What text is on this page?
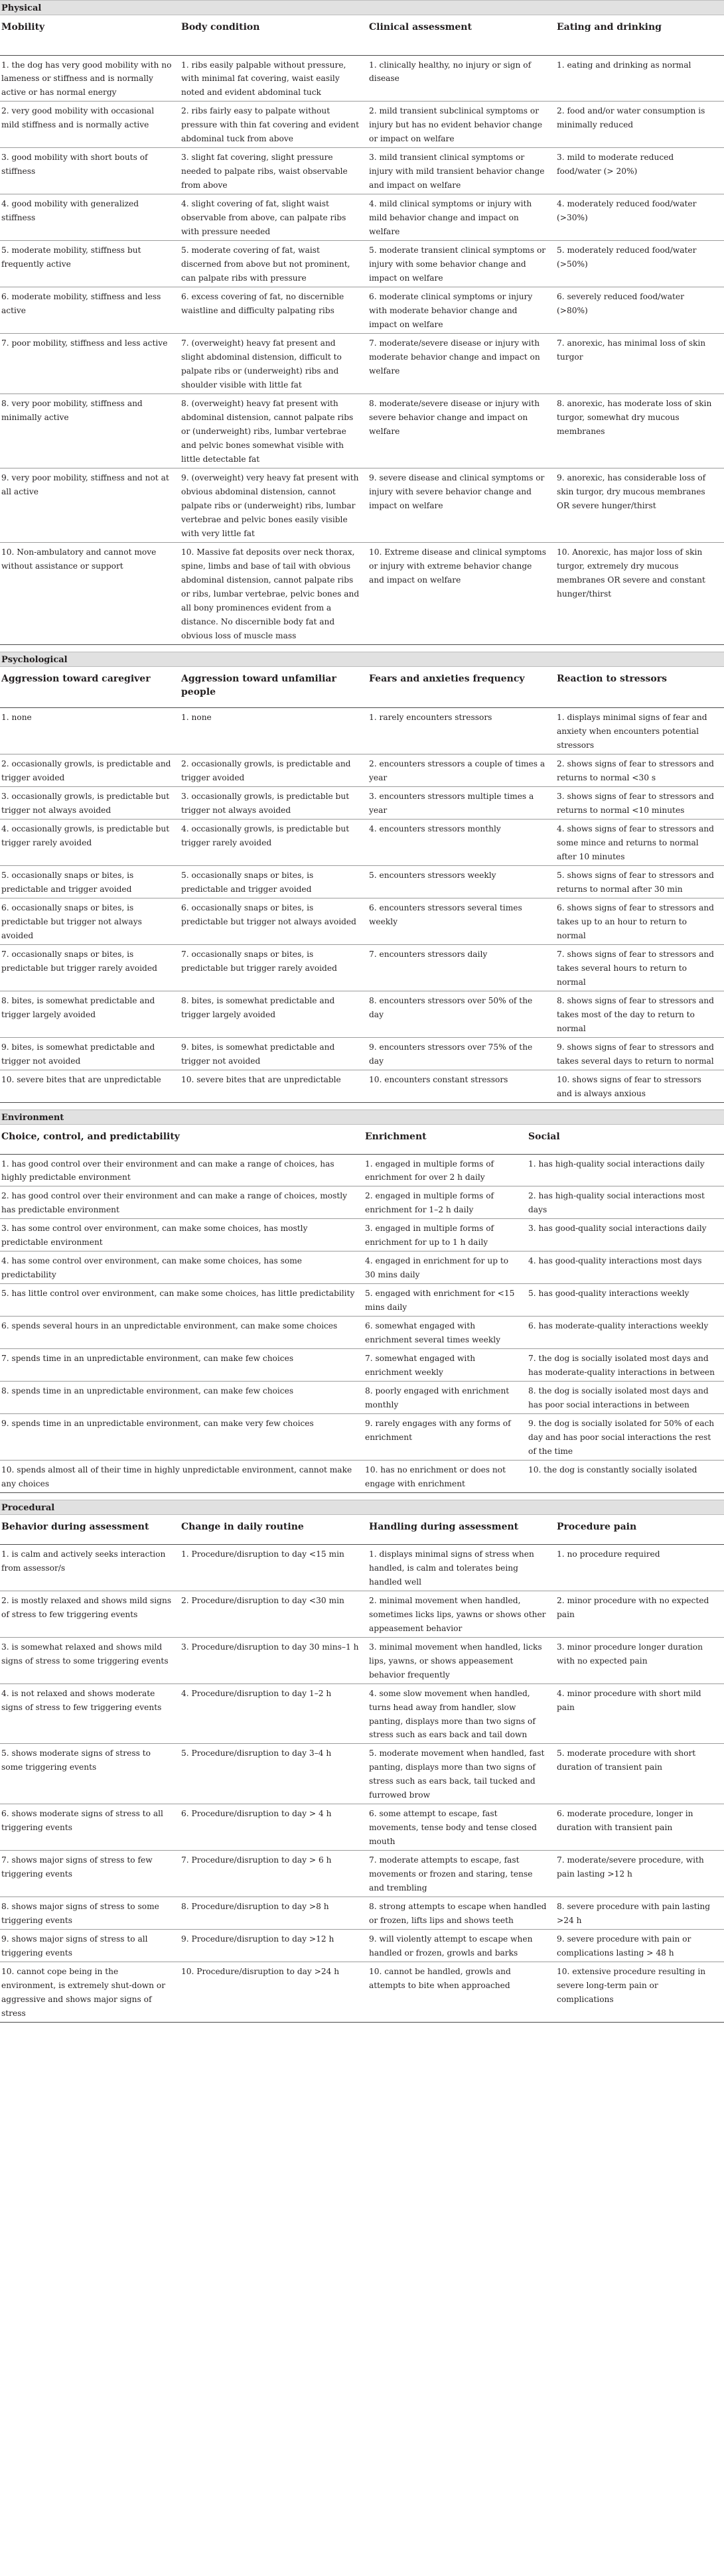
Physical
Mobility	Body condition	Clinical assessment	Eating and drinking
1. the dog has very good mobility with no lameness or stiffness and is normally active or has normal energy	1. ribs easily palpable without pressure, with minimal fat covering, waist easily noted and evident abdominal tuck	1. clinically healthy, no injury or sign of disease	1. eating and drinking as normal
2. very good mobility with occasional mild stiffness and is normally active	2. ribs fairly easy to palpate without pressure with thin fat covering and evident abdominal tuck from above	2. mild transient subclinical symptoms or injury but has no evident behavior change or impact on welfare	2. food and/or water consumption is minimally reduced
3. good mobility with short bouts of stiffness	3. slight fat covering, slight pressure needed to palpate ribs, waist observable from above	3. mild transient clinical symptoms or injury with mild transient behavior change and impact on welfare	3. mild to moderate reduced food/water (> 20%)
4. good mobility with generalized stiffness	4. slight covering of fat, slight waist observable from above, can palpate ribs with pressure needed	4. mild clinical symptoms or injury with mild behavior change and impact on welfare	4. moderately reduced food/water (>30%)
5. moderate mobility, stiffness but frequently active	5. moderate covering of fat, waist discerned from above but not prominent, can palpate ribs with pressure	5. moderate transient clinical symptoms or injury with some behavior change and impact on welfare	5. moderately reduced food/water (>50%)
6. moderate mobility, stiffness and less active	6. excess covering of fat, no discernible waistline and difficulty palpating ribs	6. moderate clinical symptoms or injury with moderate behavior change and impact on welfare	6. severely reduced food/water (>80%)
7. poor mobility, stiffness and less active	7. (overweight) heavy fat present and slight abdominal distension, difficult to palpate ribs or (underweight) ribs and shoulder visible with little fat	7. moderate/severe disease or injury with moderate behavior change and impact on welfare	7. anorexic, has minimal loss of skin turgor
8. very poor mobility, stiffness and minimally active	8. (overweight) heavy fat present with abdominal distension, cannot palpate ribs or (underweight) ribs, lumbar vertebrae and pelvic bones somewhat visible with little detectable fat	8. moderate/severe disease or injury with severe behavior change and impact on welfare	8. anorexic, has moderate loss of skin turgor, somewhat dry mucous membranes
9. very poor mobility, stiffness and not at all active	9. (overweight) very heavy fat present with obvious abdominal distension, cannot palpate ribs or (underweight) ribs, lumbar vertebrae and pelvic bones easily visible with very little fat	9. severe disease and clinical symptoms or injury with severe behavior change and impact on welfare	9. anorexic, has considerable loss of skin turgor, dry mucous membranes OR severe hunger/thirst
10. Non-ambulatory and cannot move without assistance or support	10. Massive fat deposits over neck thorax, spine, limbs and base of tail with obvious abdominal distension, cannot palpate ribs or ribs, lumbar vertebrae, pelvic bones and all bony prominences evident from a distance. No discernible body fat and obvious loss of muscle mass	10. Extreme disease and clinical symptoms or injury with extreme behavior change and impact on welfare	10. Anorexic, has major loss of skin turgor, extremely dry mucous membranes OR severe and constant hunger/thirst
Psychological
Aggression toward caregiver	Aggression toward unfamiliar people	Fears and anxieties frequency	Reaction to stressors
1. none	1. none	1. rarely encounters stressors	1. displays minimal signs of fear and anxiety when encounters potential stressors
2. occasionally growls, is predictable and trigger avoided	2. occasionally growls, is predictable and trigger avoided	2. encounters stressors a couple of times a year	2. shows signs of fear to stressors and returns to normal <30 s
3. occasionally growls, is predictable but trigger not always avoided	3. occasionally growls, is predictable but trigger not always avoided	3. encounters stressors multiple times a year	3. shows signs of fear to stressors and returns to normal <10 minutes
4. occasionally growls, is predictable but trigger rarely avoided	4. occasionally growls, is predictable but trigger rarely avoided	4. encounters stressors monthly	4. shows signs of fear to stressors and some mince and returns to normal after 10 minutes
5. occasionally snaps or bites, is predictable and trigger avoided	5. occasionally snaps or bites, is predictable and trigger avoided	5. encounters stressors weekly	5. shows signs of fear to stressors and returns to normal after 30 min
6. occasionally snaps or bites, is predictable but trigger not always avoided	6. occasionally snaps or bites, is predictable but trigger not always avoided	6. encounters stressors several times weekly	6. shows signs of fear to stressors and takes up to an hour to return to normal
7. occasionally snaps or bites, is predictable but trigger rarely avoided	7. occasionally snaps or bites, is predictable but trigger rarely avoided	7. encounters stressors daily	7. shows signs of fear to stressors and takes several hours to return to normal
8. bites, is somewhat predictable and trigger largely avoided	8. bites, is somewhat predictable and trigger largely avoided	8. encounters stressors over 50% of the day	8. shows signs of fear to stressors and takes most of the day to return to normal
9. bites, is somewhat predictable and trigger not avoided	9. bites, is somewhat predictable and trigger not avoided	9. encounters stressors over 75% of the day	9. shows signs of fear to stressors and takes several days to return to normal
10. severe bites that are unpredictable	10. severe bites that are unpredictable	10. encounters constant stressors	10. shows signs of fear to stressors and is always anxious
Environment
Choice, control, and predictability	Enrichment	Social
1. has good control over their environment and can make a range of choices, has highly predictable environment	1. engaged in multiple forms of enrichment for over 2 h daily	1. has high-quality social interactions daily
2. has good control over their environment and can make a range of choices, mostly has predictable environment	2. engaged in multiple forms of enrichment for 1–2 h daily	2. has high-quality social interactions most days
3. has some control over environment, can make some choices, has mostly predictable environment	3. engaged in multiple forms of enrichment for up to 1 h daily	3. has good-quality social interactions daily
4. has some control over environment, can make some choices, has some predictability	4. engaged in enrichment for up to 30 mins daily	4. has good-quality interactions most days
5. has little control over environment, can make some choices, has little predictability	5. engaged with enrichment for <15 mins daily	5. has good-quality interactions weekly
6. spends several hours in an unpredictable environment, can make some choices	6. somewhat engaged with enrichment several times weekly	6. has moderate-quality interactions weekly
7. spends time in an unpredictable environment, can make few choices	7. somewhat engaged with enrichment weekly	7. the dog is socially isolated most days and has moderate-quality interactions in between
8. spends time in an unpredictable environment, can make few choices	8. poorly engaged with enrichment monthly	8. the dog is socially isolated most days and has poor social interactions in between
9. spends time in an unpredictable environment, can make very few choices	9. rarely engages with any forms of enrichment	9. the dog is socially isolated for 50% of each day and has poor social interactions the rest of the time
10. spends almost all of their time in highly unpredictable environment, cannot make any choices	10. has no enrichment or does not engage with enrichment	10. the dog is constantly socially isolated
Procedural
Behavior during assessment	Change in daily routine	Handling during assessment	Procedure pain
1. is calm and actively seeks interaction from assessor/s	1. Procedure/disruption to day <15 min	1. displays minimal signs of stress when handled, is calm and tolerates being handled well	1. no procedure required
2. is mostly relaxed and shows mild signs of stress to few triggering events	2. Procedure/disruption to day <30 min	2. minimal movement when handled, sometimes licks lips, yawns or shows other appeasement behavior	2. minor procedure with no expected pain
3. is somewhat relaxed and shows mild signs of stress to some triggering events	3. Procedure/disruption to day 30 mins–1 h	3. minimal movement when handled, licks lips, yawns, or shows appeasement behavior frequently	3. minor procedure longer duration with no expected pain
4. is not relaxed and shows moderate signs of stress to few triggering events	4. Procedure/disruption to day 1–2 h	4. some slow movement when handled, turns head away from handler, slow panting, displays more than two signs of stress such as ears back and tail down	4. minor procedure with short mild pain
5. shows moderate signs of stress to some triggering events	5. Procedure/disruption to day 3–4 h	5. moderate movement when handled, fast panting, displays more than two signs of stress such as ears back, tail tucked and furrowed brow	5. moderate procedure with short duration of transient pain
6. shows moderate signs of stress to all triggering events	6. Procedure/disruption to day > 4 h	6. some attempt to escape, fast movements, tense body and tense closed mouth	6. moderate procedure, longer in duration with transient pain
7. shows major signs of stress to few triggering events	7. Procedure/disruption to day > 6 h	7. moderate attempts to escape, fast movements or frozen and staring, tense and trembling	7. moderate/severe procedure, with pain lasting >12 h
8. shows major signs of stress to some triggering events	8. Procedure/disruption to day >8 h	8. strong attempts to escape when handled or frozen, lifts lips and shows teeth	8. severe procedure with pain lasting >24 h
9. shows major signs of stress to all triggering events	9. Procedure/disruption to day >12 h	9. will violently attempt to escape when handled or frozen, growls and barks	9. severe procedure with pain or complications lasting > 48 h
10. cannot cope being in the environment, is extremely shut-down or aggressive and shows major signs of stress	10. Procedure/disruption to day >24 h	10. cannot be handled, growls and attempts to bite when approached	10. extensive procedure resulting in severe long-term pain or complications
